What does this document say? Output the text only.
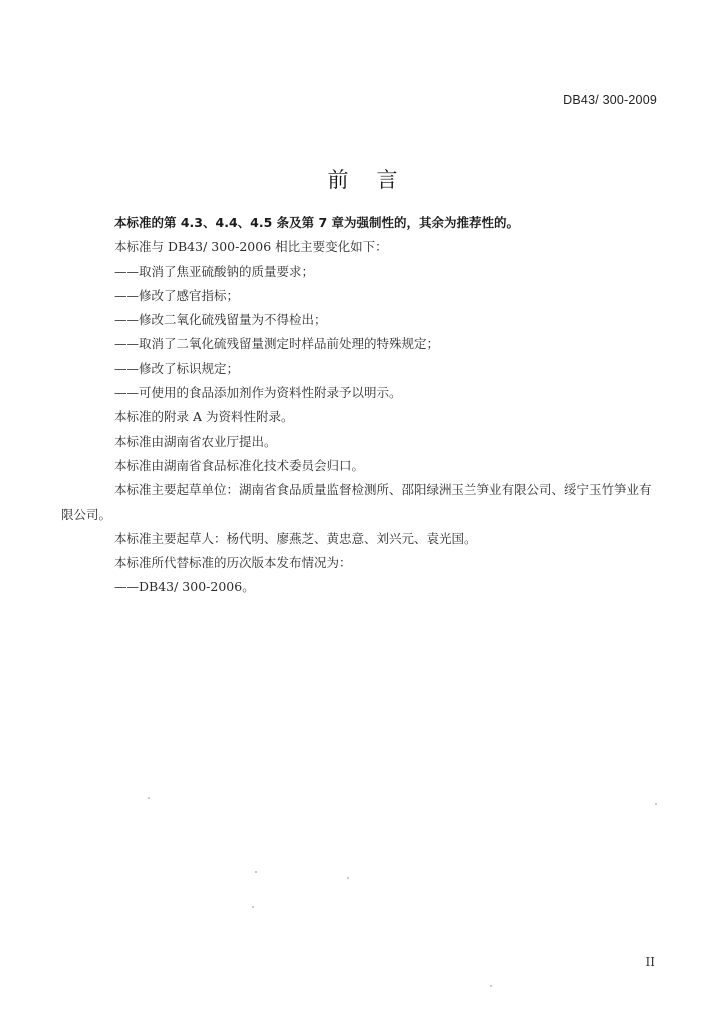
DB43/ 300-2009
前言

本标准的第 4.3、4.4、4.5 条及第 7 章为强制性的，其余为推荐性的。

本标准与 DB43/ 300-2006 相比主要变化如下：

——取消了焦亚硫酸钠的质量要求；

——修改了感官指标；

——修改二氧化硫残留量为不得检出；

——取消了二氧化硫残留量测定时样品前处理的特殊规定；

——修改了标识规定；

——可使用的食品添加剂作为资料性附录予以明示。

本标准的附录 A 为资料性附录。

本标准由湖南省农业厅提出。

本标准由湖南省食品标准化技术委员会归口。

本标准主要起草单位：湖南省食品质量监督检测所、邵阳绿洲玉兰笋业有限公司、绥宁玉竹笋业有

限公司。

本标准主要起草人：杨代明、廖燕芝、黄忠意、刘兴元、袁光国。

本标准所代替标准的历次版本发布情况为：

——DB43/ 300-2006。

II
